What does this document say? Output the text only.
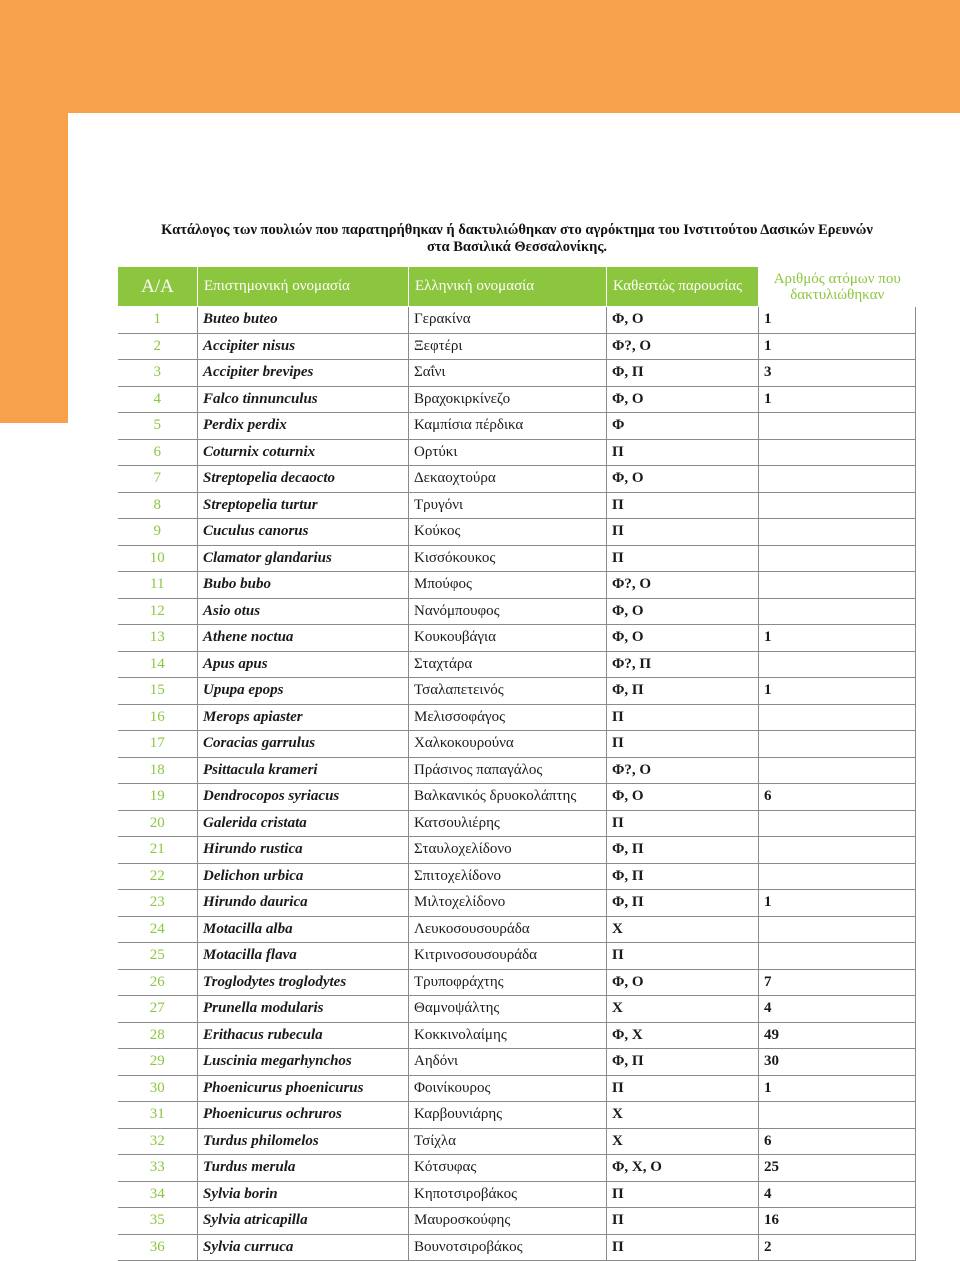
Κατάλογος των πουλιών που παρατηρήθηκαν ή δακτυλιώθηκαν στο αγρόκτημα του Ινστιτούτου Δασικών Ερευνών
στα Βασιλικά Θεσσαλονίκης.
Α/Α	Επιστημονική ονομασία	Ελληνική ονομασία	Καθεστώς παρουσίας	Αριθμός ατόμων που
δακτυλιώθηκαν

1	Buteo buteo	Γερακίνα	Φ, Ο	1
2	Accipiter nisus	Ξεφτέρι	Φ?, Ο	1
3	Accipiter brevipes	Σαΐνι	Φ, Π	3
4	Falco tinnunculus	Βραχοκιρκίνεζο	Φ, Ο	1
5	Perdix perdix	Καμπίσια πέρδικα	Φ	
6	Coturnix coturnix	Ορτύκι	Π	
7	Streptopelia decaocto	Δεκαοχτούρα	Φ, Ο	
8	Streptopelia turtur	Τρυγόνι	Π	
9	Cuculus canorus	Κούκος	Π	
10	Clamator glandarius	Κισσόκουκος	Π	
11	Bubo bubo	Μπούφος	Φ?, Ο	
12	Asio otus	Νανόμπουφος	Φ, Ο	
13	Athene noctua	Κουκουβάγια	Φ, Ο	1
14	Apus apus	Σταχτάρα	Φ?, Π	
15	Upupa epops	Τσαλαπετεινός	Φ, Π	1
16	Merops apiaster	Μελισσοφάγος	Π	
17	Coracias garrulus	Χαλκοκουρούνα	Π	
18	Psittacula krameri	Πράσινος παπαγάλος	Φ?, Ο	
19	Dendrocopos syriacus	Βαλκανικός δρυοκολάπτης	Φ, Ο	6
20	Galerida cristata	Κατσουλιέρης	Π	
21	Hirundo rustica	Σταυλοχελίδονο	Φ, Π	
22	Delichon urbica	Σπιτοχελίδονο	Φ, Π	
23	Hirundo daurica	Μιλτοχελίδονο	Φ, Π	1
24	Motacilla alba	Λευκοσουσουράδα	Χ	
25	Motacilla flava	Κιτρινοσουσουράδα	Π	
26	Troglodytes troglodytes	Τρυποφράχτης	Φ, Ο	7
27	Prunella modularis	Θαμνοψάλτης	Χ	4
28	Erithacus rubecula	Κοκκινολαίμης	Φ, Χ	49
29	Luscinia megarhynchos	Αηδόνι	Φ, Π	30
30	Phoenicurus phoenicurus	Φοινίκουρος	Π	1
31	Phoenicurus ochruros	Καρβουνιάρης	Χ	
32	Turdus philomelos	Τσίχλα	Χ	6
33	Turdus merula	Κότσυφας	Φ, Χ, Ο	25
34	Sylvia borin	Κηποτσιροβάκος	Π	4
35	Sylvia atricapilla	Μαυροσκούφης	Π	16
36	Sylvia curruca	Βουνοτσιροβάκος	Π	2
